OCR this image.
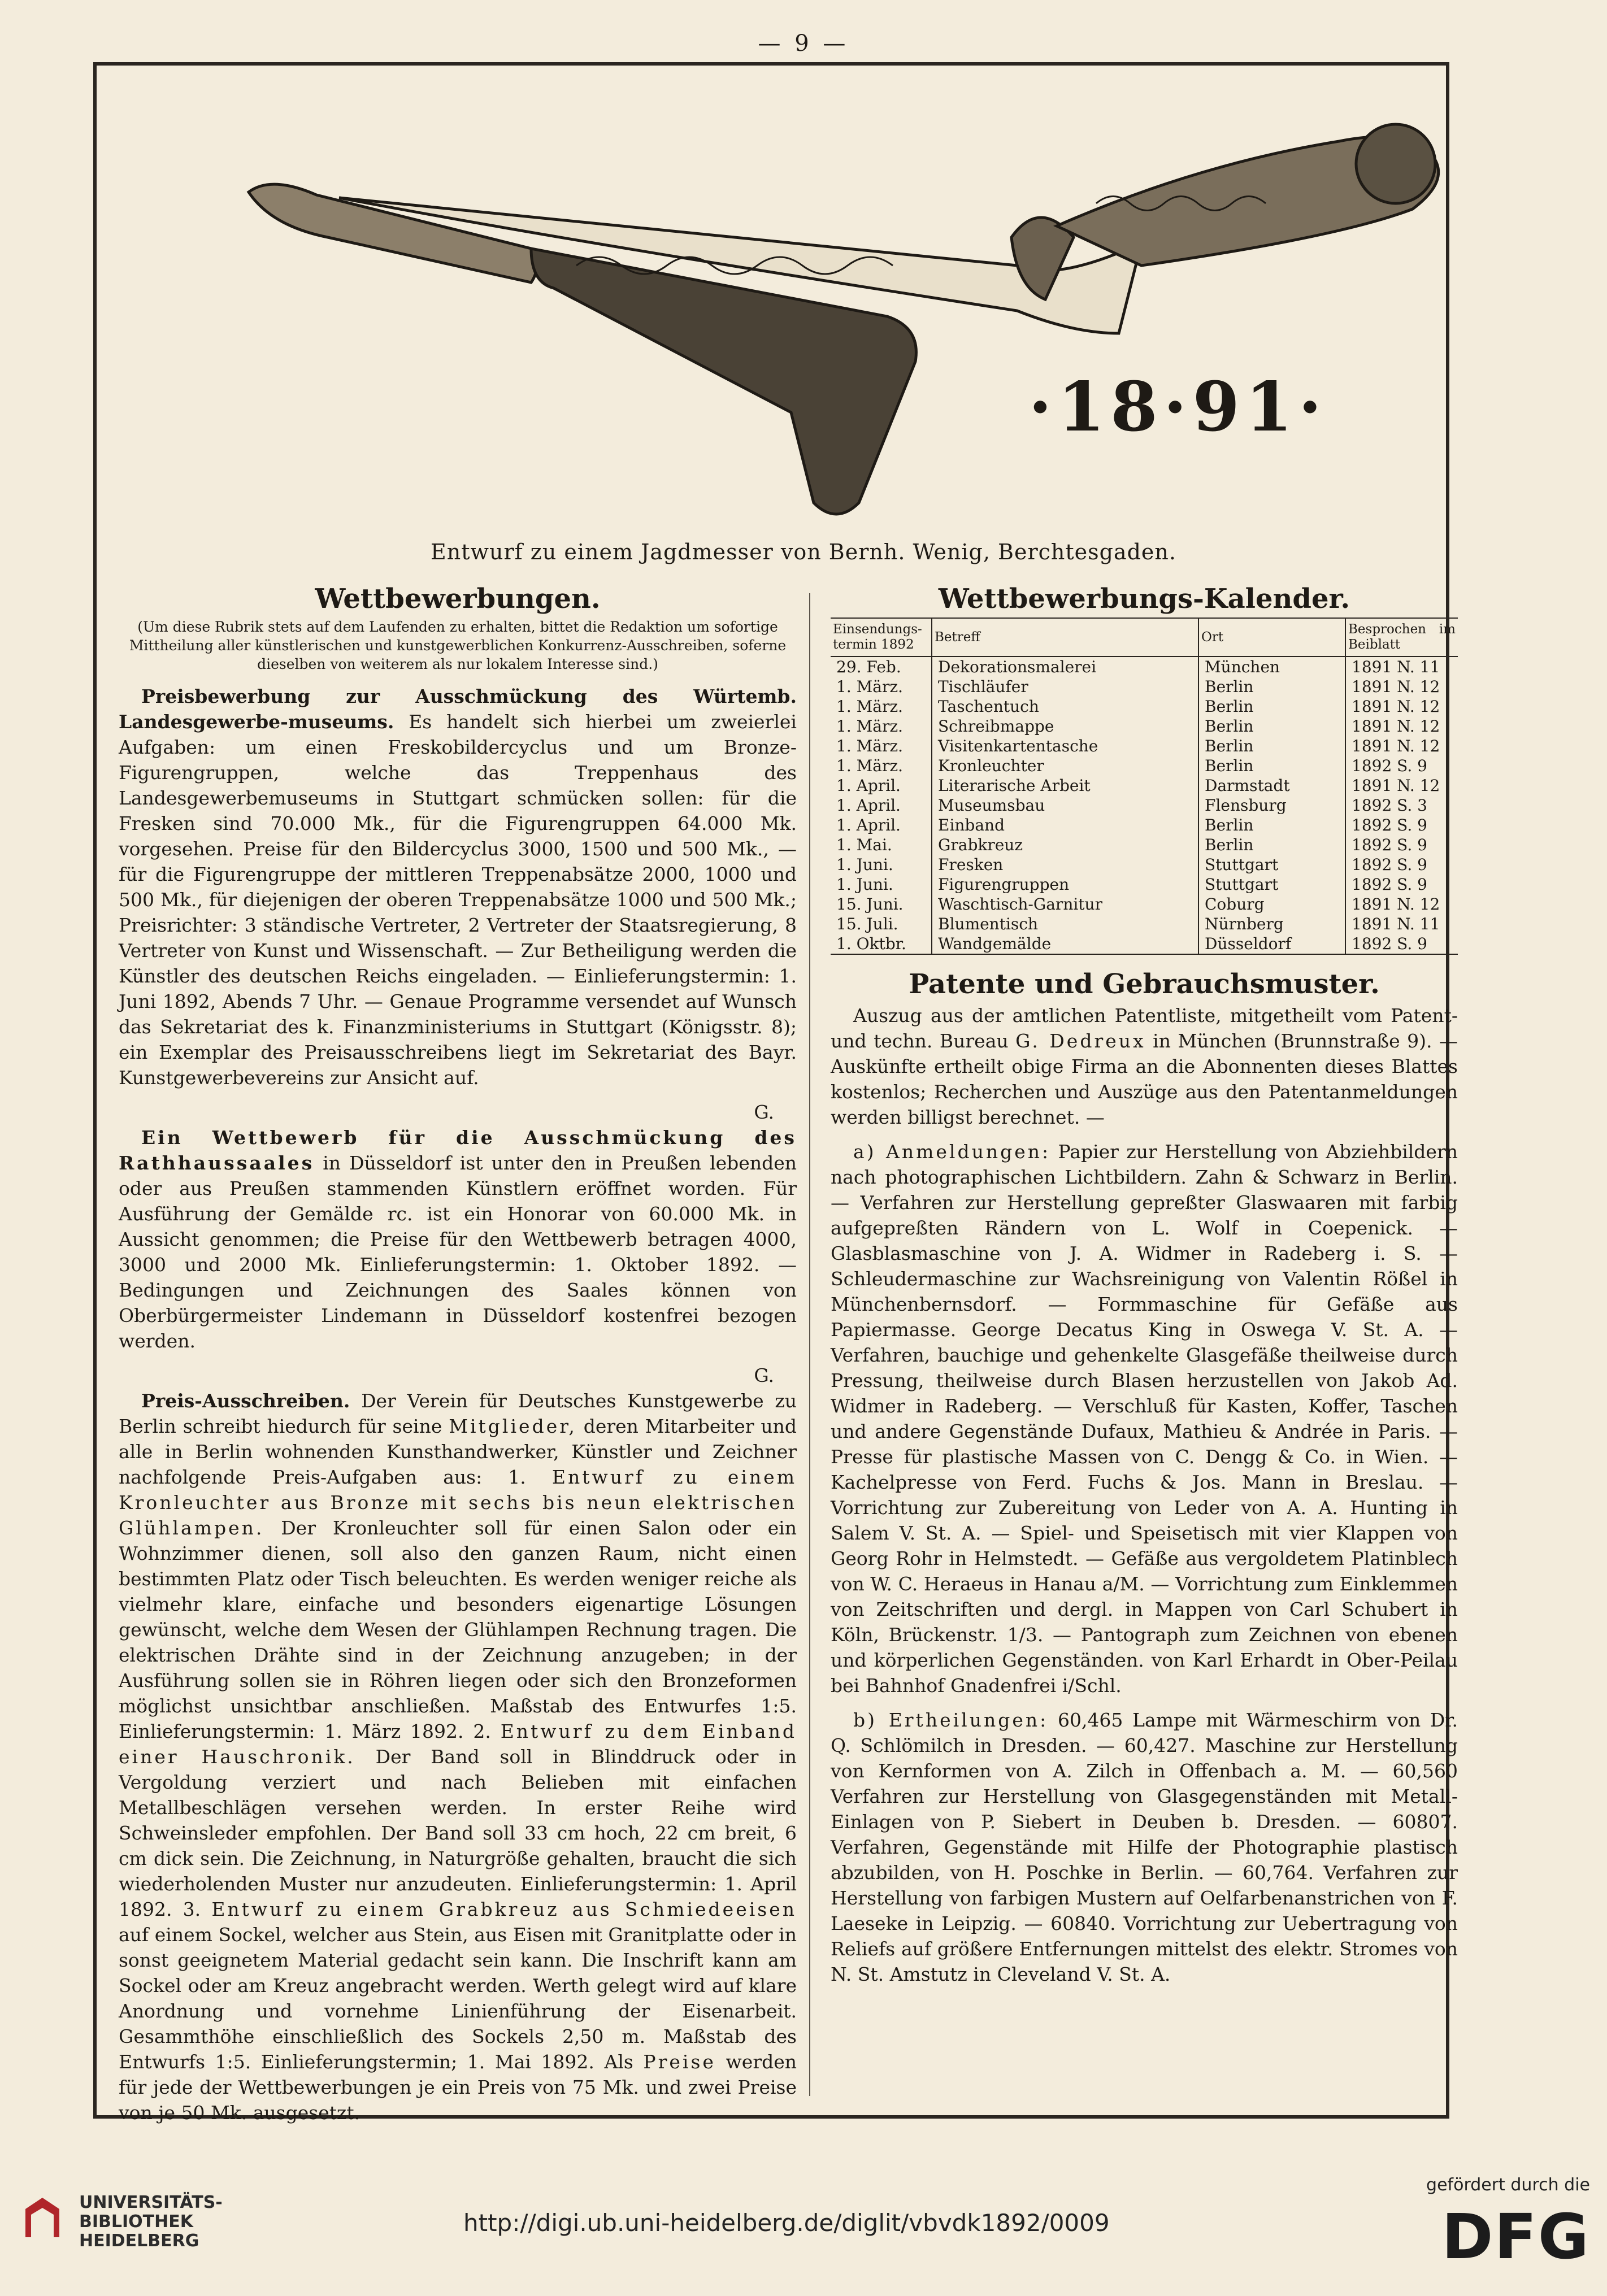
— 9 —
·18·91·
Entwurf zu einem Jagdmesser von Bernh. Wenig, Berchtesgaden.
Wettbewerbungen.
(Um diese Rubrik stets auf dem Laufenden zu erhalten, bittet die Redaktion um sofortige Mittheilung aller künstlerischen und kunstgewerblichen Konkurrenz-Ausschreiben, soferne dieselben von weiterem als nur lokalem Interesse sind.)

Preisbewerbung zur Ausschmückung des Würtemb. Landesgewerbe-museums. Es handelt sich hierbei um zweierlei Aufgaben: um einen Freskobildercyclus und um Bronze-Figurengruppen, welche das Treppenhaus des Landesgewerbemuseums in Stuttgart schmücken sollen: für die Fresken sind 70.000 Mk., für die Figurengruppen 64.000 Mk. vorgesehen. Preise für den Bildercyclus 3000, 1500 und 500 Mk., — für die Figurengruppe der mittleren Treppenabsätze 2000, 1000 und 500 Mk., für diejenigen der oberen Treppenabsätze 1000 und 500 Mk.; Preisrichter: 3 ständische Vertreter, 2 Vertreter der Staatsregierung, 8 Vertreter von Kunst und Wissenschaft. — Zur Betheiligung werden die Künstler des deutschen Reichs eingeladen. — Einlieferungstermin: 1. Juni 1892, Abends 7 Uhr. — Genaue Programme versendet auf Wunsch das Sekretariat des k. Finanzministeriums in Stuttgart (Königsstr. 8); ein Exemplar des Preisausschreibens liegt im Sekretariat des Bayr. Kunstgewerbevereins zur Ansicht auf.

G.

Ein Wettbewerb für die Ausschmückung des Rathhaussaales in Düsseldorf ist unter den in Preußen lebenden oder aus Preußen stammenden Künstlern eröffnet worden. Für Ausführung der Gemälde rc. ist ein Honorar von 60.000 Mk. in Aussicht genommen; die Preise für den Wettbewerb betragen 4000, 3000 und 2000 Mk. Einlieferungstermin: 1. Oktober 1892. — Bedingungen und Zeichnungen des Saales können von Oberbürgermeister Lindemann in Düsseldorf kostenfrei bezogen werden.

G.

Preis-Ausschreiben. Der Verein für Deutsches Kunstgewerbe zu Berlin schreibt hiedurch für seine Mitglieder, deren Mitarbeiter und alle in Berlin wohnenden Kunsthandwerker, Künstler und Zeichner nachfolgende Preis-Aufgaben aus: 1. Entwurf zu einem Kronleuchter aus Bronze mit sechs bis neun elektrischen Glühlampen. Der Kronleuchter soll für einen Salon oder ein Wohnzimmer dienen, soll also den ganzen Raum, nicht einen bestimmten Platz oder Tisch beleuchten. Es werden weniger reiche als vielmehr klare, einfache und besonders eigenartige Lösungen gewünscht, welche dem Wesen der Glühlampen Rechnung tragen. Die elektrischen Drähte sind in der Zeichnung anzugeben; in der Ausführung sollen sie in Röhren liegen oder sich den Bronzeformen möglichst unsichtbar anschließen. Maßstab des Entwurfes 1:5. Einlieferungstermin: 1. März 1892. 2. Entwurf zu dem Einband einer Hauschronik. Der Band soll in Blinddruck oder in Vergoldung verziert und nach Belieben mit einfachen Metallbeschlägen versehen werden. In erster Reihe wird Schweinsleder empfohlen. Der Band soll 33 cm hoch, 22 cm breit, 6 cm dick sein. Die Zeichnung, in Naturgröße gehalten, braucht die sich wiederholenden Muster nur anzudeuten. Einlieferungstermin: 1. April 1892. 3. Entwurf zu einem Grabkreuz aus Schmiedeeisen auf einem Sockel, welcher aus Stein, aus Eisen mit Granitplatte oder in sonst geeignetem Material gedacht sein kann. Die Inschrift kann am Sockel oder am Kreuz angebracht werden. Werth gelegt wird auf klare Anordnung und vornehme Linienführung der Eisenarbeit. Gesammthöhe einschließlich des Sockels 2,50 m. Maßstab des Entwurfs 1:5. Einlieferungstermin; 1. Mai 1892. Als Preise werden für jede der Wettbewerbungen je ein Preis von 75 Mk. und zwei Preise von je 50 Mk. ausgesetzt.

Wettbewerbungs-Kalender.
Einsendungs-termin 1892	Betreff	Ort	Besprochen im Beiblatt
29. Feb.	Dekorationsmalerei	München	1891 N. 11
1. März.	Tischläufer	Berlin	1891 N. 12
1. März.	Taschentuch	Berlin	1891 N. 12
1. März.	Schreibmappe	Berlin	1891 N. 12
1. März.	Visitenkartentasche	Berlin	1891 N. 12
1. März.	Kronleuchter	Berlin	1892 S. 9
1. April.	Literarische Arbeit	Darmstadt	1891 N. 12
1. April.	Museumsbau	Flensburg	1892 S. 3
1. April.	Einband	Berlin	1892 S. 9
1. Mai.	Grabkreuz	Berlin	1892 S. 9
1. Juni.	Fresken	Stuttgart	1892 S. 9
1. Juni.	Figurengruppen	Stuttgart	1892 S. 9
15. Juni.	Waschtisch-Garnitur	Coburg	1891 N. 12
15. Juli.	Blumentisch	Nürnberg	1891 N. 11
1. Oktbr.	Wandgemälde	Düsseldorf	1892 S. 9
Patente und Gebrauchsmuster.

Auszug aus der amtlichen Patentliste, mitgetheilt vom Patent- und techn. Bureau G. Dedreux in München (Brunnstraße 9). — Auskünfte ertheilt obige Firma an die Abonnenten dieses Blattes kostenlos; Recherchen und Auszüge aus den Patentanmeldungen werden billigst berechnet. —

a) Anmeldungen: Papier zur Herstellung von Abziehbildern nach photographischen Lichtbildern. Zahn & Schwarz in Berlin. — Verfahren zur Herstellung gepreßter Glaswaaren mit farbig aufgepreßten Rändern von L. Wolf in Coepenick. — Glasblasmaschine von J. A. Widmer in Radeberg i. S. — Schleudermaschine zur Wachsreinigung von Valentin Rößel in Münchenbernsdorf. — Formmaschine für Gefäße aus Papiermasse. George Decatus King in Oswega V. St. A. — Verfahren, bauchige und gehenkelte Glasgefäße theilweise durch Pressung, theilweise durch Blasen herzustellen von Jakob Ad. Widmer in Radeberg. — Verschluß für Kasten, Koffer, Taschen und andere Gegenstände Dufaux, Mathieu & Andrée in Paris. — Presse für plastische Massen von C. Dengg & Co. in Wien. — Kachelpresse von Ferd. Fuchs & Jos. Mann in Breslau. — Vorrichtung zur Zubereitung von Leder von A. A. Hunting in Salem V. St. A. — Spiel- und Speisetisch mit vier Klappen von Georg Rohr in Helmstedt. — Gefäße aus vergoldetem Platinblech von W. C. Heraeus in Hanau a/M. — Vorrichtung zum Einklemmen von Zeitschriften und dergl. in Mappen von Carl Schubert in Köln, Brückenstr. 1/3. — Pantograph zum Zeichnen von ebenen und körperlichen Gegenständen. von Karl Erhardt in Ober-Peilau bei Bahnhof Gnadenfrei i/Schl.

b) Ertheilungen: 60,465 Lampe mit Wärmeschirm von Dr. Q. Schlömilch in Dresden. — 60,427. Maschine zur Herstellung von Kernformen von A. Zilch in Offenbach a. M. — 60,560 Verfahren zur Herstellung von Glasgegenständen mit Metall-Einlagen von P. Siebert in Deuben b. Dresden. — 60807. Verfahren, Gegenstände mit Hilfe der Photographie plastisch abzubilden, von H. Poschke in Berlin. — 60,764. Verfahren zur Herstellung von farbigen Mustern auf Oelfarbenanstrichen von F. Laeseke in Leipzig. — 60840. Vorrichtung zur Uebertragung von Reliefs auf größere Entfernungen mittelst des elektr. Stromes von N. St. Amstutz in Cleveland V. St. A.

UNIVERSITÄTS- BIBLIOTHEK HEIDELBERG
http://digi.ub.uni-heidelberg.de/diglit/vbvdk1892/0009
gefördert durch die
DFG
